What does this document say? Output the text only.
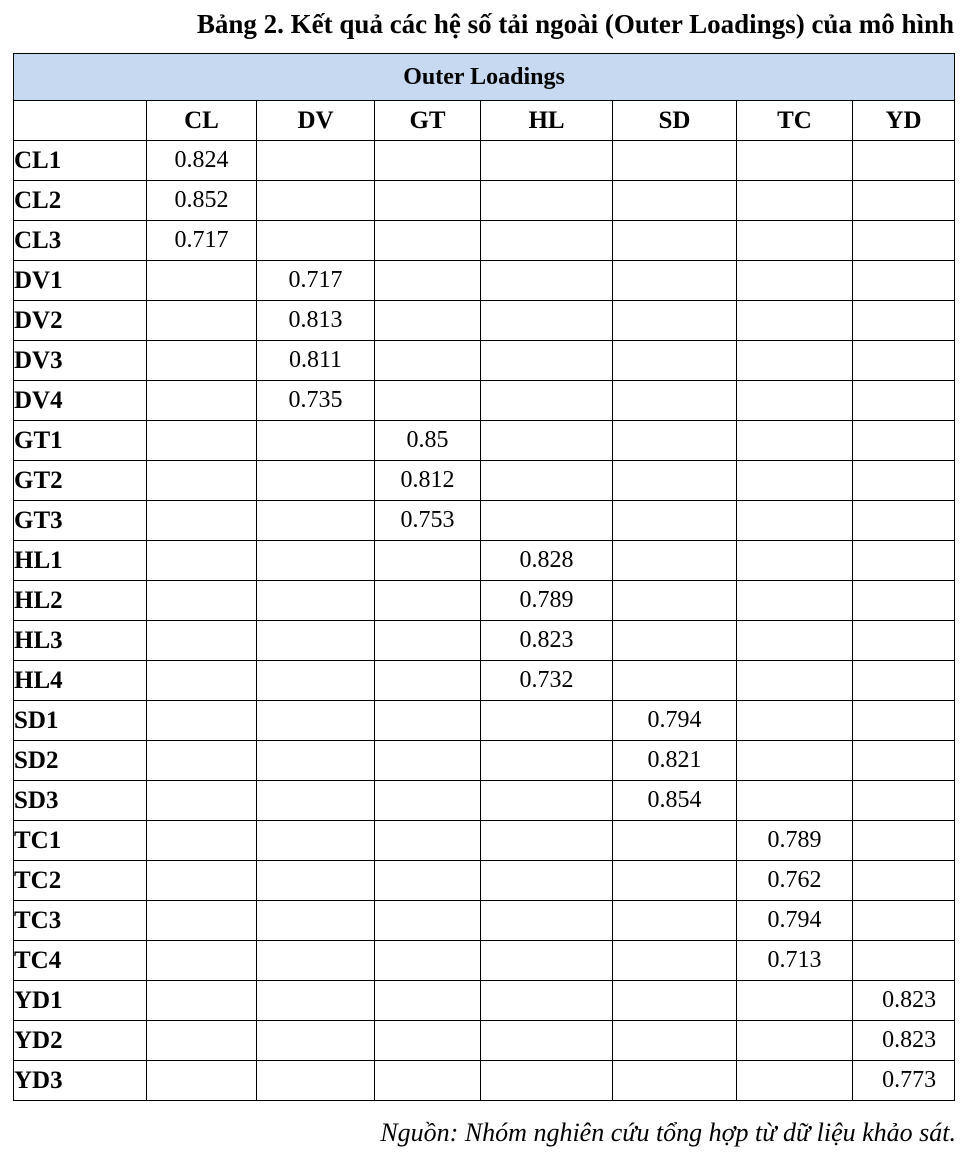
Bảng 2. Kết quả các hệ số tải ngoài (Outer Loadings) của mô hình
Outer Loadings							
	CL	DV	GT	HL	SD	TC	YD
CL1	0.824						
CL2	0.852						
CL3	0.717						
DV1		0.717					
DV2		0.813					
DV3		0.811					
DV4		0.735					
GT1			0.85				
GT2			0.812				
GT3			0.753				
HL1				0.828			
HL2				0.789			
HL3				0.823			
HL4				0.732			
SD1					0.794		
SD2					0.821		
SD3					0.854		
TC1						0.789	
TC2						0.762	
TC3						0.794	
TC4						0.713	
YD1							0.823
YD2							0.823
YD3							0.773
Nguồn: Nhóm nghiên cứu tổng hợp từ dữ liệu khảo sát.
